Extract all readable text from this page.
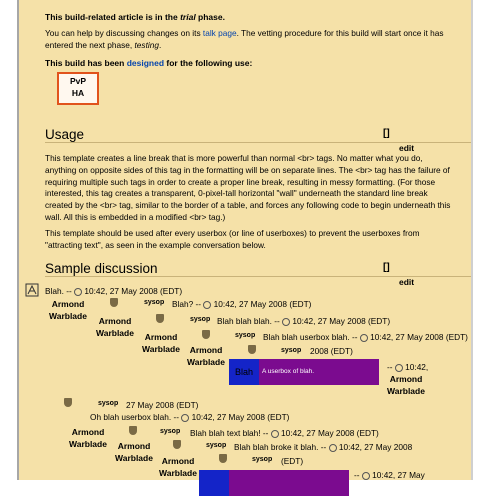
This build-related article is in the trial phase.
You can help by discussing changes on its talk page. The vetting procedure for this build will start once it has entered the next phase, testing.
This build has been designed for the following use:
PvP
HA
Usage	[]
edit
This template creates a line break that is more powerful than normal <br> tags. No matter what you do, anything on opposite sides of this tag in the formatting will be on separate lines. The <br> tag has the failure of requiring multiple such tags in order to create a proper line break, resulting in messy formatting. (For those interested, this tag creates a transparent, 0-pixel-tall horizontal "wall" underneath the standard line break created by the <br> tag, similar to the border of a table, and forces any following code to begin underneath this wall. All this is embedded in a modified <br> tag.)
This template should be used after every userbox (or line of userboxes) to prevent the userboxes from "attracting text", as seen in the example conversation below.
Sample discussion	[]
edit
Blah. --  10:42, 27 May 2008 (EDT)
Armond Warblade
sysop Blah? --  10:42, 27 May 2008 (EDT)
Armond Warblade
sysop Blah blah blah. --  10:42, 27 May 2008 (EDT)
Armond Warblade
sysop Blah blah userbox blah. --  10:42, 27 May 2008 (EDT)
Armond Warblade
sysop 2008 (EDT)
Blah	A userbox of blah.	--  10:42,
Armond Warblade
sysop 27 May 2008 (EDT)
Oh blah userbox blah. --  10:42, 27 May 2008 (EDT)
Armond Warblade
sysop Blah blah text blah! --  10:42, 27 May 2008 (EDT)
Armond Warblade
sysop Blah blah broke it blah. --  10:42, 27 May 2008
Armond Warblade
sysop (EDT)
--  10:42, 27 May
